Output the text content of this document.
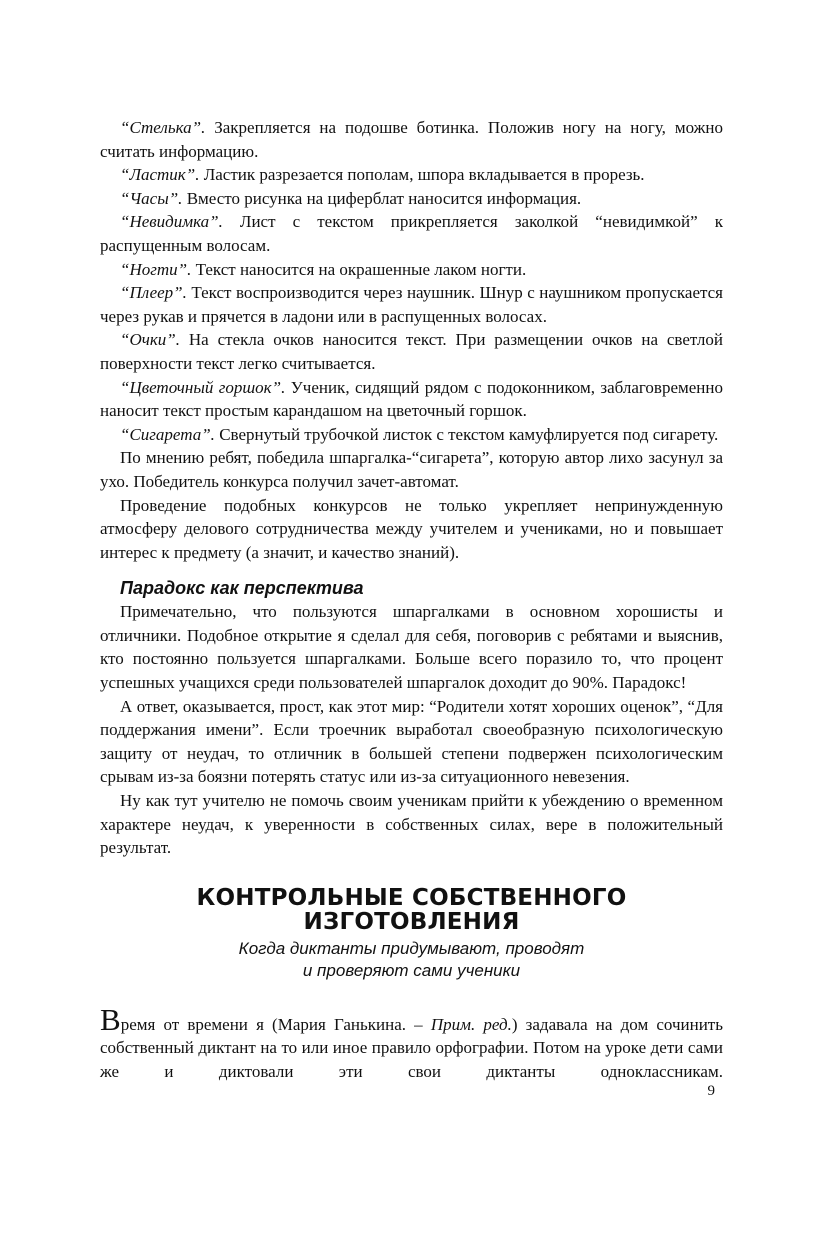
“Стелька”. Закрепляется на подошве ботинка. Положив ногу на ногу, можно считать информацию.

“Ластик”. Ластик разрезается пополам, шпора вкладывается в прорезь.

“Часы”. Вместо рисунка на циферблат наносится информация.

“Невидимка”. Лист с текстом прикрепляется заколкой “невидимкой” к распущенным волосам.

“Ногти”. Текст наносится на окрашенные лаком ногти.

“Плеер”. Текст воспроизводится через наушник. Шнур с наушником пропускается через рукав и прячется в ладони или в распущенных волосах.

“Очки”. На стекла очков наносится текст. При размещении очков на светлой поверхности текст легко считывается.

“Цветочный горшок”. Ученик, сидящий рядом с подоконником, заблаговременно наносит текст простым карандашом на цветочный горшок.

“Сигарета”. Свернутый трубочкой листок с текстом камуфлируется под сигарету.

По мнению ребят, победила шпаргалка-“сигарета”, которую автор лихо засунул за ухо. Победитель конкурса получил зачет-автомат.

Проведение подобных конкурсов не только укрепляет непринужденную атмосферу делового сотрудничества между учителем и учениками, но и повышает интерес к предмету (а значит, и качество знаний).

Парадокс как перспектива

Примечательно, что пользуются шпаргалками в основном хорошисты и отличники. Подобное открытие я сделал для себя, поговорив с ребятами и выяснив, кто постоянно пользуется шпаргалками. Больше всего поразило то, что процент успешных учащихся среди пользователей шпаргалок доходит до 90%. Парадокс!

А ответ, оказывается, прост, как этот мир: “Родители хотят хороших оценок”, “Для поддержания имени”. Если троечник выработал своеобразную психологическую защиту от неудач, то отличник в большей степени подвержен психологическим срывам из-за боязни потерять статус или из-за ситуационного невезения.

Ну как тут учителю не помочь своим ученикам прийти к убеждению о временном характере неудач, к уверенности в собственных силах, вере в положительный результат.

КОНТРОЛЬНЫЕ СОБСТВЕННОГО
ИЗГОТОВЛЕНИЯ
Когда диктанты придумывают, проводят
и проверяют сами ученики

Время от времени я (Мария Ганькина. – Прим. ред.) задавала на дом сочинить собственный диктант на то или иное правило орфографии. Потом на уроке дети сами же и диктовали эти свои диктанты одноклассникам.

9
